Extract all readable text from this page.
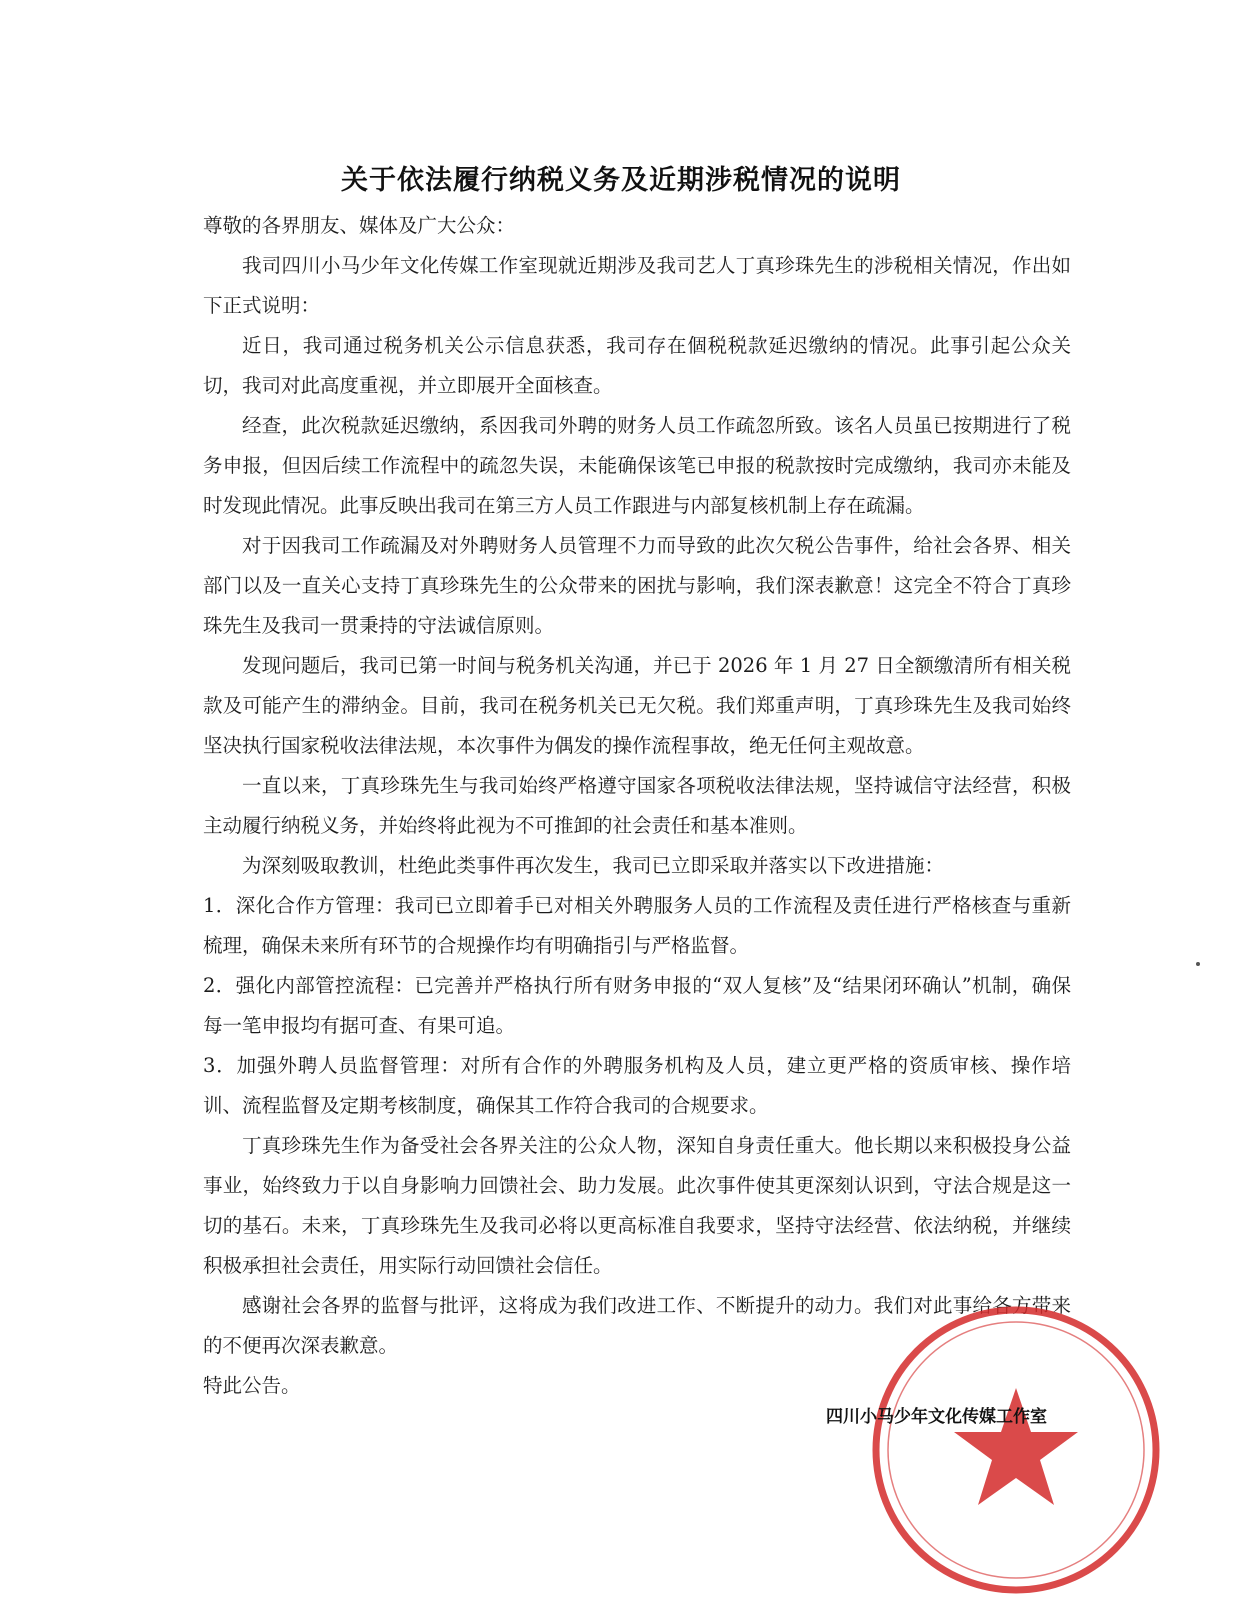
关于依法履行纳税义务及近期涉税情况的说明

尊敬的各界朋友、媒体及广大公众：

我司四川小马少年文化传媒工作室现就近期涉及我司艺人丁真珍珠先生的涉税相关情况，作出如下正式说明：

近日，我司通过税务机关公示信息获悉，我司存在個税税款延迟缴纳的情况。此事引起公众关切，我司对此高度重视，并立即展开全面核查。

经查，此次税款延迟缴纳，系因我司外聘的财务人员工作疏忽所致。该名人员虽已按期进行了税务申报，但因后续工作流程中的疏忽失误，未能确保该笔已申报的税款按时完成缴纳，我司亦未能及时发现此情况。此事反映出我司在第三方人员工作跟进与内部复核机制上存在疏漏。

对于因我司工作疏漏及对外聘财务人员管理不力而导致的此次欠税公告事件，给社会各界、相关部门以及一直关心支持丁真珍珠先生的公众带来的困扰与影响，我们深表歉意！这完全不符合丁真珍珠先生及我司一贯秉持的守法诚信原则。

发现问题后，我司已第一时间与税务机关沟通，并已于 2026 年 1 月 27 日全额缴清所有相关税款及可能产生的滞纳金。目前，我司在税务机关已无欠税。我们郑重声明，丁真珍珠先生及我司始终坚决执行国家税收法律法规，本次事件为偶发的操作流程事故，绝无任何主观故意。

一直以来，丁真珍珠先生与我司始终严格遵守国家各项税收法律法规，坚持诚信守法经营，积极主动履行纳税义务，并始终将此视为不可推卸的社会责任和基本准则。

为深刻吸取教训，杜绝此类事件再次发生，我司已立即采取并落实以下改进措施：

1．深化合作方管理：我司已立即着手已对相关外聘服务人员的工作流程及责任进行严格核查与重新梳理，确保未来所有环节的合规操作均有明确指引与严格监督。

2．强化内部管控流程：已完善并严格执行所有财务申报的“双人复核”及“结果闭环确认”机制，确保每一笔申报均有据可查、有果可追。

3．加强外聘人员监督管理：对所有合作的外聘服务机构及人员，建立更严格的资质审核、操作培训、流程监督及定期考核制度，确保其工作符合我司的合规要求。

丁真珍珠先生作为备受社会各界关注的公众人物，深知自身责任重大。他长期以来积极投身公益事业，始终致力于以自身影响力回馈社会、助力发展。此次事件使其更深刻认识到，守法合规是这一切的基石。未来，丁真珍珠先生及我司必将以更高标准自我要求，坚持守法经营、依法纳税，并继续积极承担社会责任，用实际行动回馈社会信任。

感谢社会各界的监督与批评，这将成为我们改进工作、不断提升的动力。我们对此事给各方带来的不便再次深表歉意。

特此公告。

四川小马少年文化传媒工作室
